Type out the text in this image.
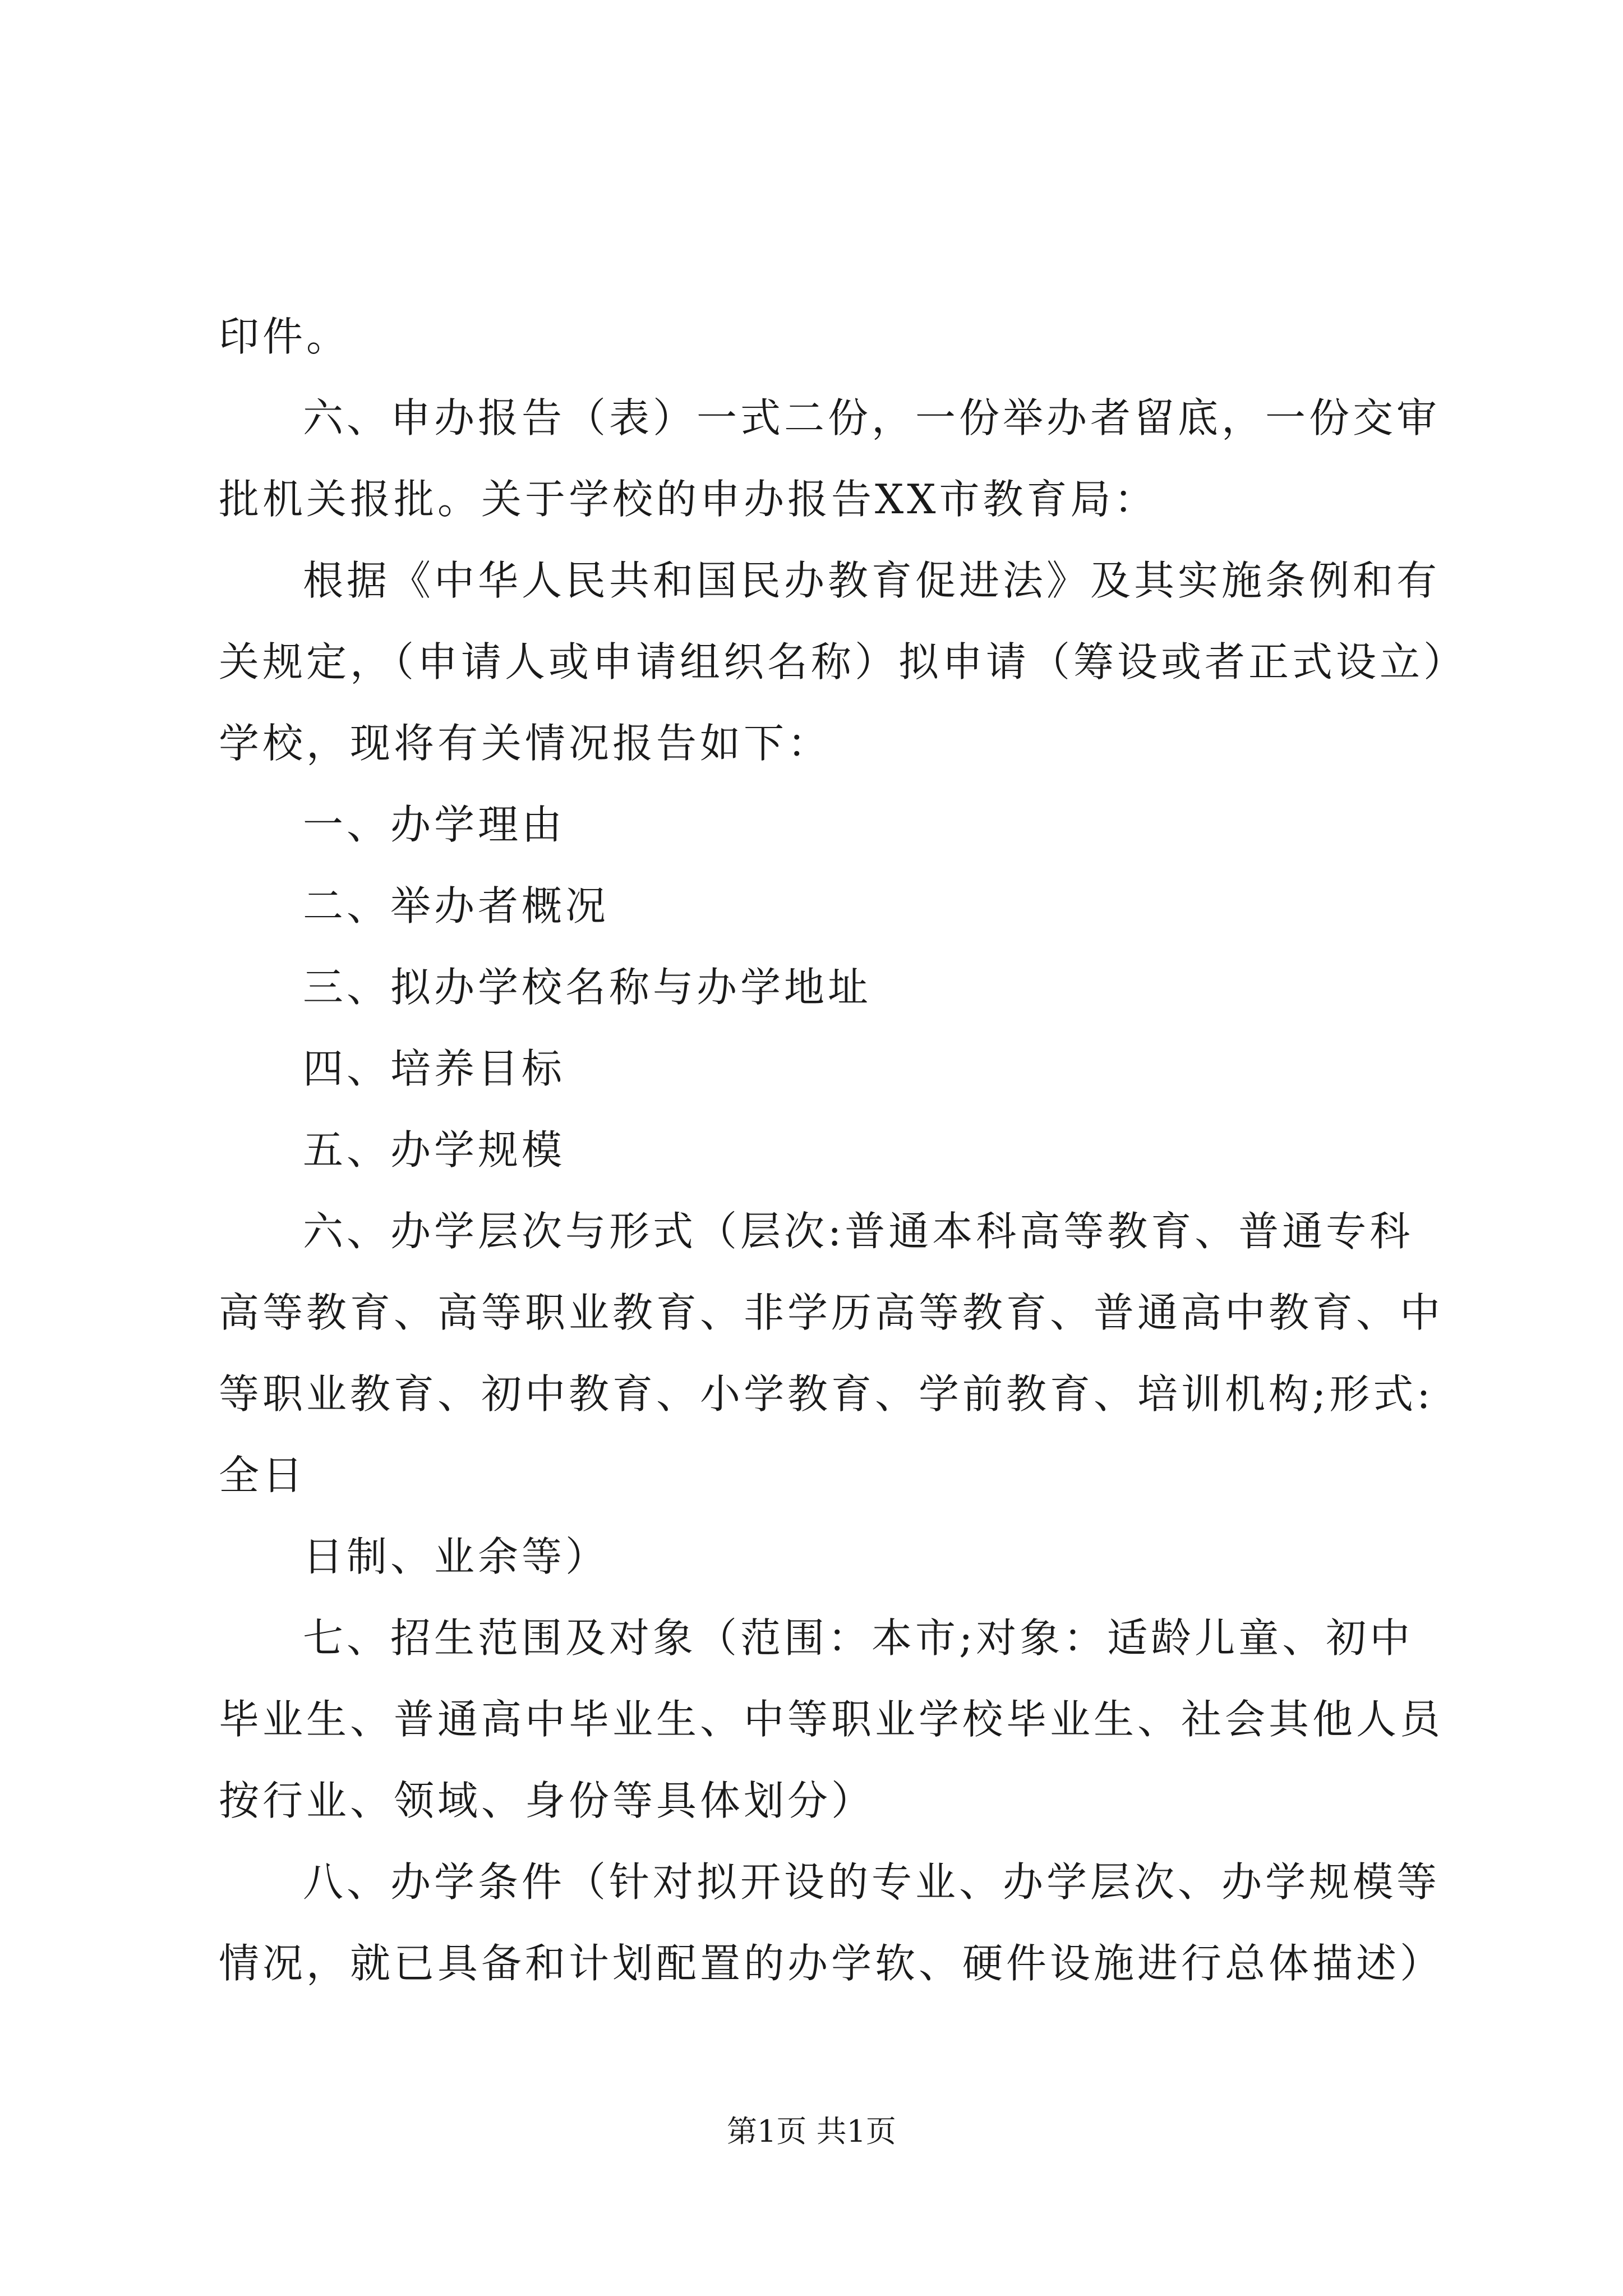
印件。
六、申办报告（表）一式二份，一份举办者留底，一份交审
批机关报批。关于学校的申办报告XX市教育局：
根据《中华人民共和国民办教育促进法》及其实施条例和有
关规定，（申请人或申请组织名称）拟申请（筹设或者正式设立）
学校，现将有关情况报告如下：
一、办学理由
二、举办者概况
三、拟办学校名称与办学地址
四、培养目标
五、办学规模
六、办学层次与形式（层次:普通本科高等教育、普通专科
高等教育、高等职业教育、非学历高等教育、普通高中教育、中
等职业教育、初中教育、小学教育、学前教育、培训机构;形式:
全日
日制、业余等）
七、招生范围及对象（范围：本市;对象：适龄儿童、初中
毕业生、普通高中毕业生、中等职业学校毕业生、社会其他人员
按行业、领域、身份等具体划分）
八、办学条件（针对拟开设的专业、办学层次、办学规模等
情况，就已具备和计划配置的办学软、硬件设施进行总体描述）
第1页 共1页
